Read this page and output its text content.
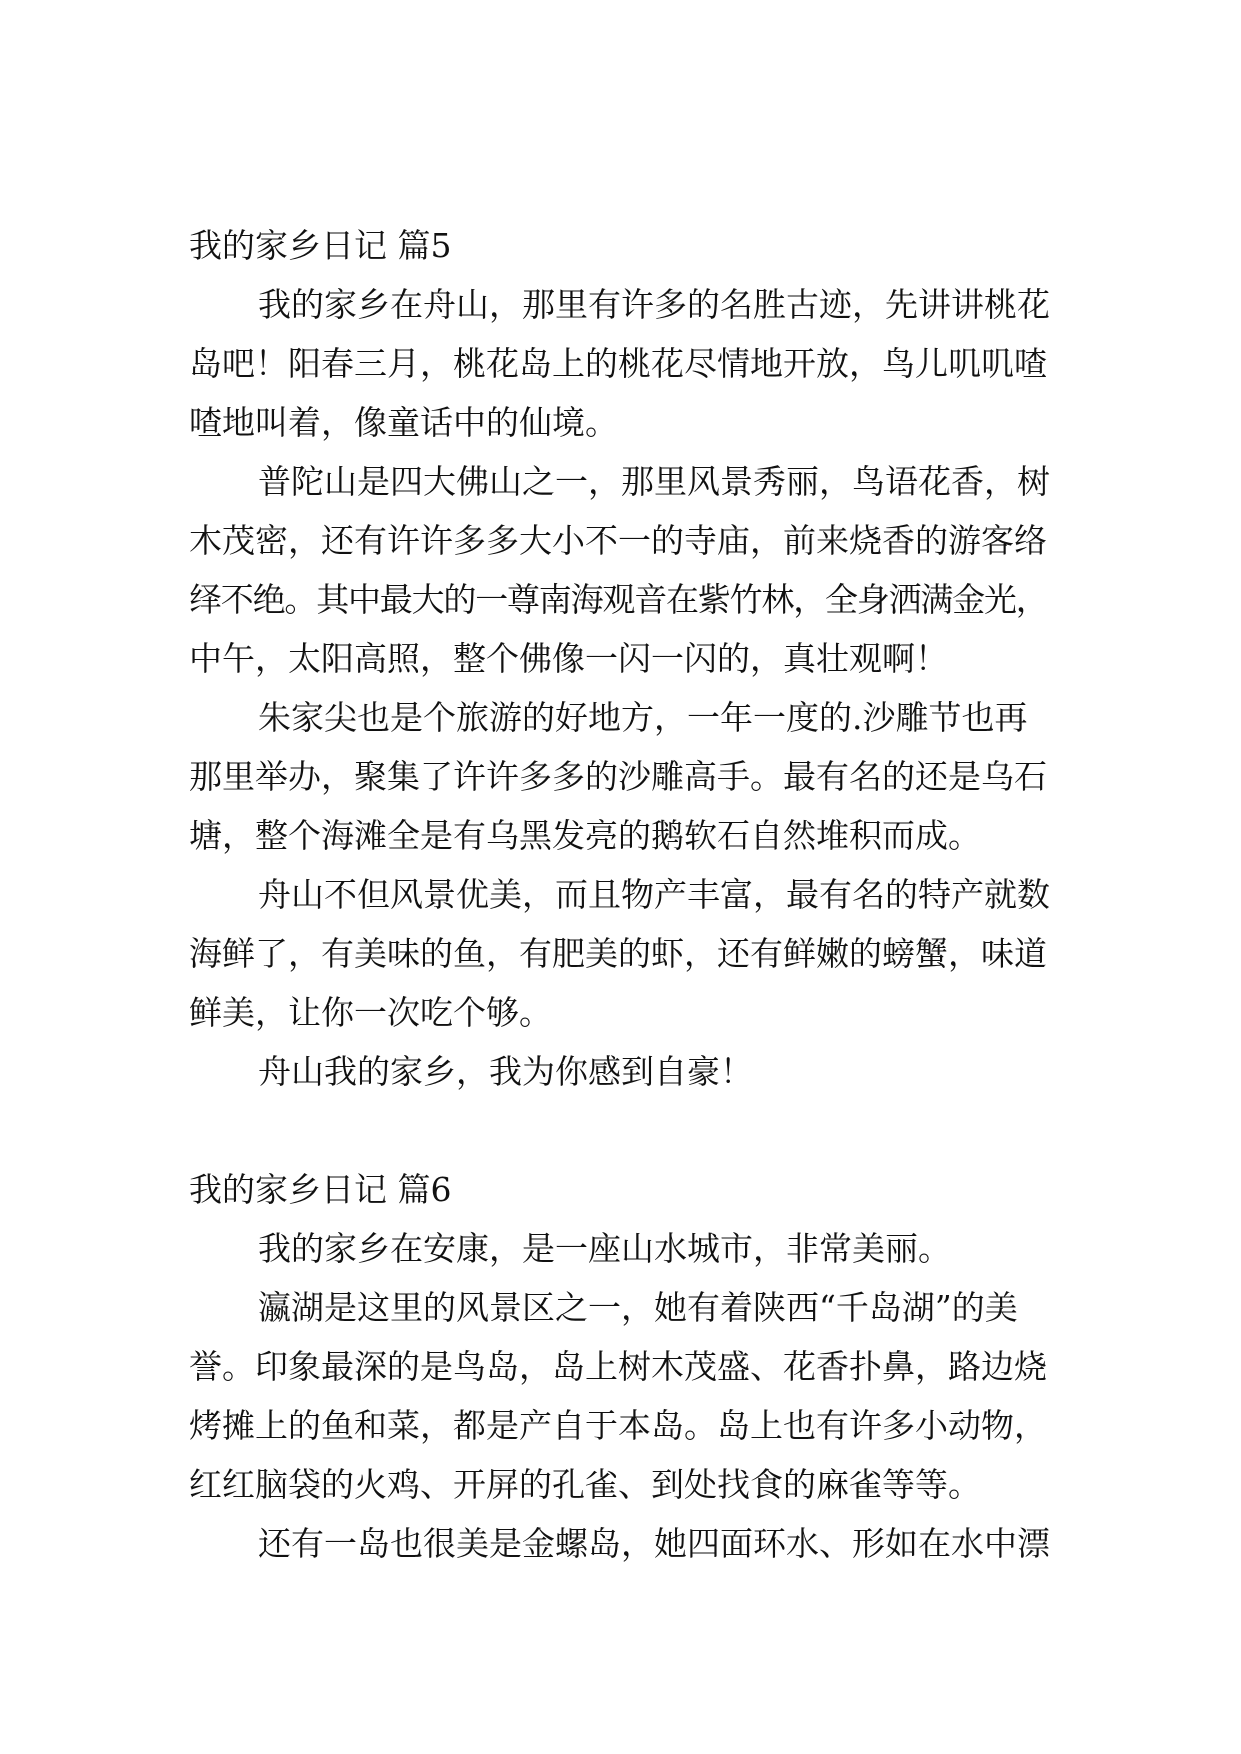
我的家乡日记 篇5
我的家乡在舟山，那里有许多的名胜古迹，先讲讲桃花
岛吧！阳春三月，桃花岛上的桃花尽情地开放，鸟儿叽叽喳
喳地叫着，像童话中的仙境。
普陀山是四大佛山之一，那里风景秀丽，鸟语花香，树
木茂密，还有许许多多大小不一的寺庙，前来烧香的游客络
绎不绝。其中最大的一尊南海观音在紫竹林，全身洒满金光，
中午，太阳高照，整个佛像一闪一闪的，真壮观啊！
朱家尖也是个旅游的好地方，一年一度的.沙雕节也再
那里举办，聚集了许许多多的沙雕高手。最有名的还是乌石
塘，整个海滩全是有乌黑发亮的鹅软石自然堆积而成。
舟山不但风景优美，而且物产丰富，最有名的特产就数
海鲜了，有美味的鱼，有肥美的虾，还有鲜嫩的螃蟹，味道
鲜美，让你一次吃个够。
舟山我的家乡，我为你感到自豪！
我的家乡日记 篇6
我的家乡在安康，是一座山水城市，非常美丽。
瀛湖是这里的风景区之一，她有着陕西“千岛湖”的美
誉。印象最深的是鸟岛，岛上树木茂盛、花香扑鼻，路边烧
烤摊上的鱼和菜，都是产自于本岛。岛上也有许多小动物，
红红脑袋的火鸡、开屏的孔雀、到处找食的麻雀等等。
还有一岛也很美是金螺岛，她四面环水、形如在水中漂
